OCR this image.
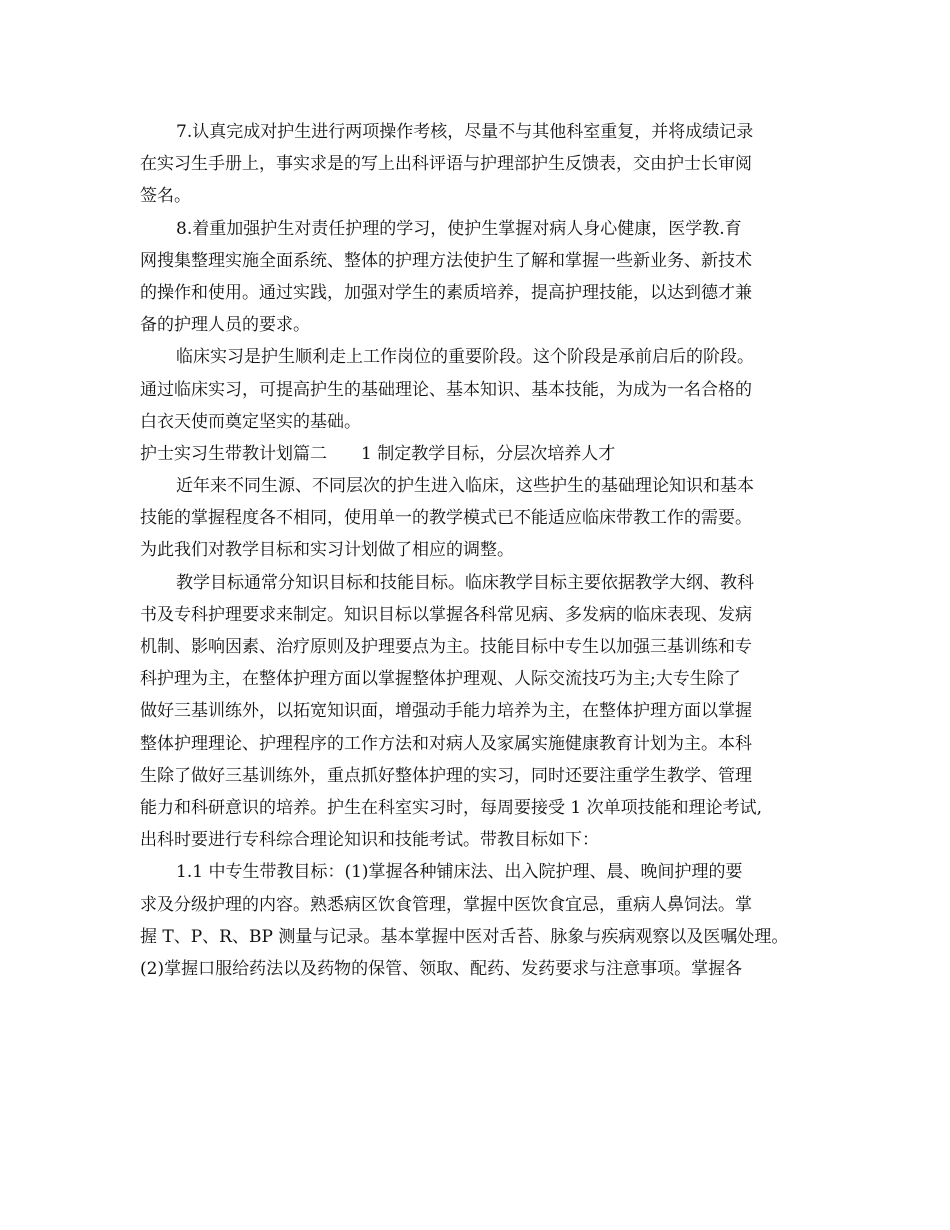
7.认真完成对护生进行两项操作考核，尽量不与其他科室重复，并将成绩记录
在实习生手册上，事实求是的写上出科评语与护理部护生反馈表，交由护士长审阅
签名。
8.着重加强护生对责任护理的学习，使护生掌握对病人身心健康，医学教.育
网搜集整理实施全面系统、整体的护理方法使护生了解和掌握一些新业务、新技术
的操作和使用。通过实践，加强对学生的素质培养，提高护理技能，以达到德才兼
备的护理人员的要求。
临床实习是护生顺利走上工作岗位的重要阶段。这个阶段是承前启后的阶段。
通过临床实习，可提高护生的基础理论、基本知识、基本技能，为成为一名合格的
白衣天使而奠定坚实的基础。
护士实习生带教计划篇二　　1 制定教学目标，分层次培养人才
近年来不同生源、不同层次的护生进入临床，这些护生的基础理论知识和基本
技能的掌握程度各不相同，使用单一的教学模式已不能适应临床带教工作的需要。
为此我们对教学目标和实习计划做了相应的调整。
教学目标通常分知识目标和技能目标。临床教学目标主要依据教学大纲、教科
书及专科护理要求来制定。知识目标以掌握各科常见病、多发病的临床表现、发病
机制、影响因素、治疗原则及护理要点为主。技能目标中专生以加强三基训练和专
科护理为主，在整体护理方面以掌握整体护理观、人际交流技巧为主;大专生除了
做好三基训练外，以拓宽知识面，增强动手能力培养为主，在整体护理方面以掌握
整体护理理论、护理程序的工作方法和对病人及家属实施健康教育计划为主。本科
生除了做好三基训练外，重点抓好整体护理的实习，同时还要注重学生教学、管理
能力和科研意识的培养。护生在科室实习时，每周要接受 1 次单项技能和理论考试,
出科时要进行专科综合理论知识和技能考试。带教目标如下：
1.1 中专生带教目标：(1)掌握各种铺床法、出入院护理、晨、晚间护理的要
求及分级护理的内容。熟悉病区饮食管理，掌握中医饮食宜忌，重病人鼻饲法。掌
握 T、P、R、BP 测量与记录。基本掌握中医对舌苔、脉象与疾病观察以及医嘱处理。
(2)掌握口服给药法以及药物的保管、领取、配药、发药要求与注意事项。掌握各
